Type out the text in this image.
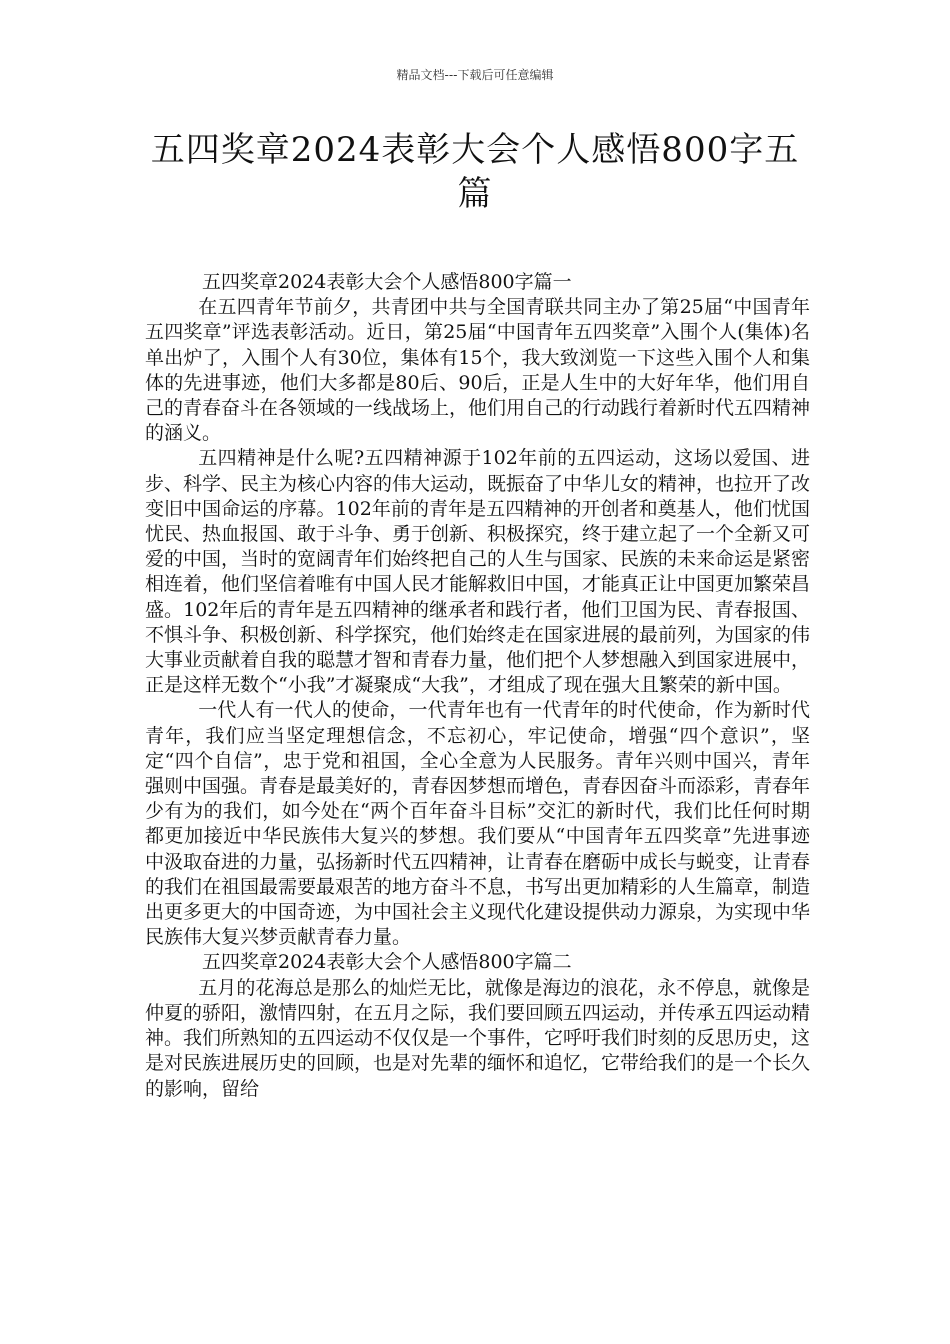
精品文档---下载后可任意编辑
五四奖章2024表彰大会个人感悟800字五篇

五四奖章2024表彰大会个人感悟800字篇一

在五四青年节前夕，共青团中共与全国青联共同主办了第25届“中国青年五四奖章”评选表彰活动。近日，第25届“中国青年五四奖章”入围个人(集体)名单出炉了，入围个人有30位，集体有15个，我大致浏览一下这些入围个人和集体的先进事迹，他们大多都是80后、90后，正是人生中的大好年华，他们用自己的青春奋斗在各领域的一线战场上，他们用自己的行动践行着新时代五四精神的涵义。

五四精神是什么呢?五四精神源于102年前的五四运动，这场以爱国、进步、科学、民主为核心内容的伟大运动，既振奋了中华儿女的精神，也拉开了改变旧中国命运的序幕。102年前的青年是五四精神的开创者和奠基人，他们忧国忧民、热血报国、敢于斗争、勇于创新、积极探究，终于建立起了一个全新又可爱的中国，当时的宽阔青年们始终把自己的人生与国家、民族的未来命运是紧密相连着，他们坚信着唯有中国人民才能解救旧中国，才能真正让中国更加繁荣昌盛。102年后的青年是五四精神的继承者和践行者，他们卫国为民、青春报国、不惧斗争、积极创新、科学探究，他们始终走在国家进展的最前列，为国家的伟大事业贡献着自我的聪慧才智和青春力量，他们把个人梦想融入到国家进展中，正是这样无数个“小我”才凝聚成“大我”，才组成了现在强大且繁荣的新中国。

一代人有一代人的使命，一代青年也有一代青年的时代使命，作为新时代青年，我们应当坚定理想信念，不忘初心，牢记使命，增强“四个意识”，坚定“四个自信”，忠于党和祖国，全心全意为人民服务。青年兴则中国兴，青年强则中国强。青春是最美好的，青春因梦想而增色，青春因奋斗而添彩，青春年少有为的我们，如今处在“两个百年奋斗目标”交汇的新时代，我们比任何时期都更加接近中华民族伟大复兴的梦想。我们要从“中国青年五四奖章”先进事迹中汲取奋进的力量，弘扬新时代五四精神，让青春在磨砺中成长与蜕变，让青春的我们在祖国最需要最艰苦的地方奋斗不息，书写出更加精彩的人生篇章，制造出更多更大的中国奇迹，为中国社会主义现代化建设提供动力源泉，为实现中华民族伟大复兴梦贡献青春力量。

五四奖章2024表彰大会个人感悟800字篇二

五月的花海总是那么的灿烂无比，就像是海边的浪花，永不停息，就像是仲夏的骄阳，激情四射，在五月之际，我们要回顾五四运动，并传承五四运动精神。我们所熟知的五四运动不仅仅是一个事件，它呼吁我们时刻的反思历史，这是对民族进展历史的回顾，也是对先辈的缅怀和追忆，它带给我们的是一个长久的影响，留给
